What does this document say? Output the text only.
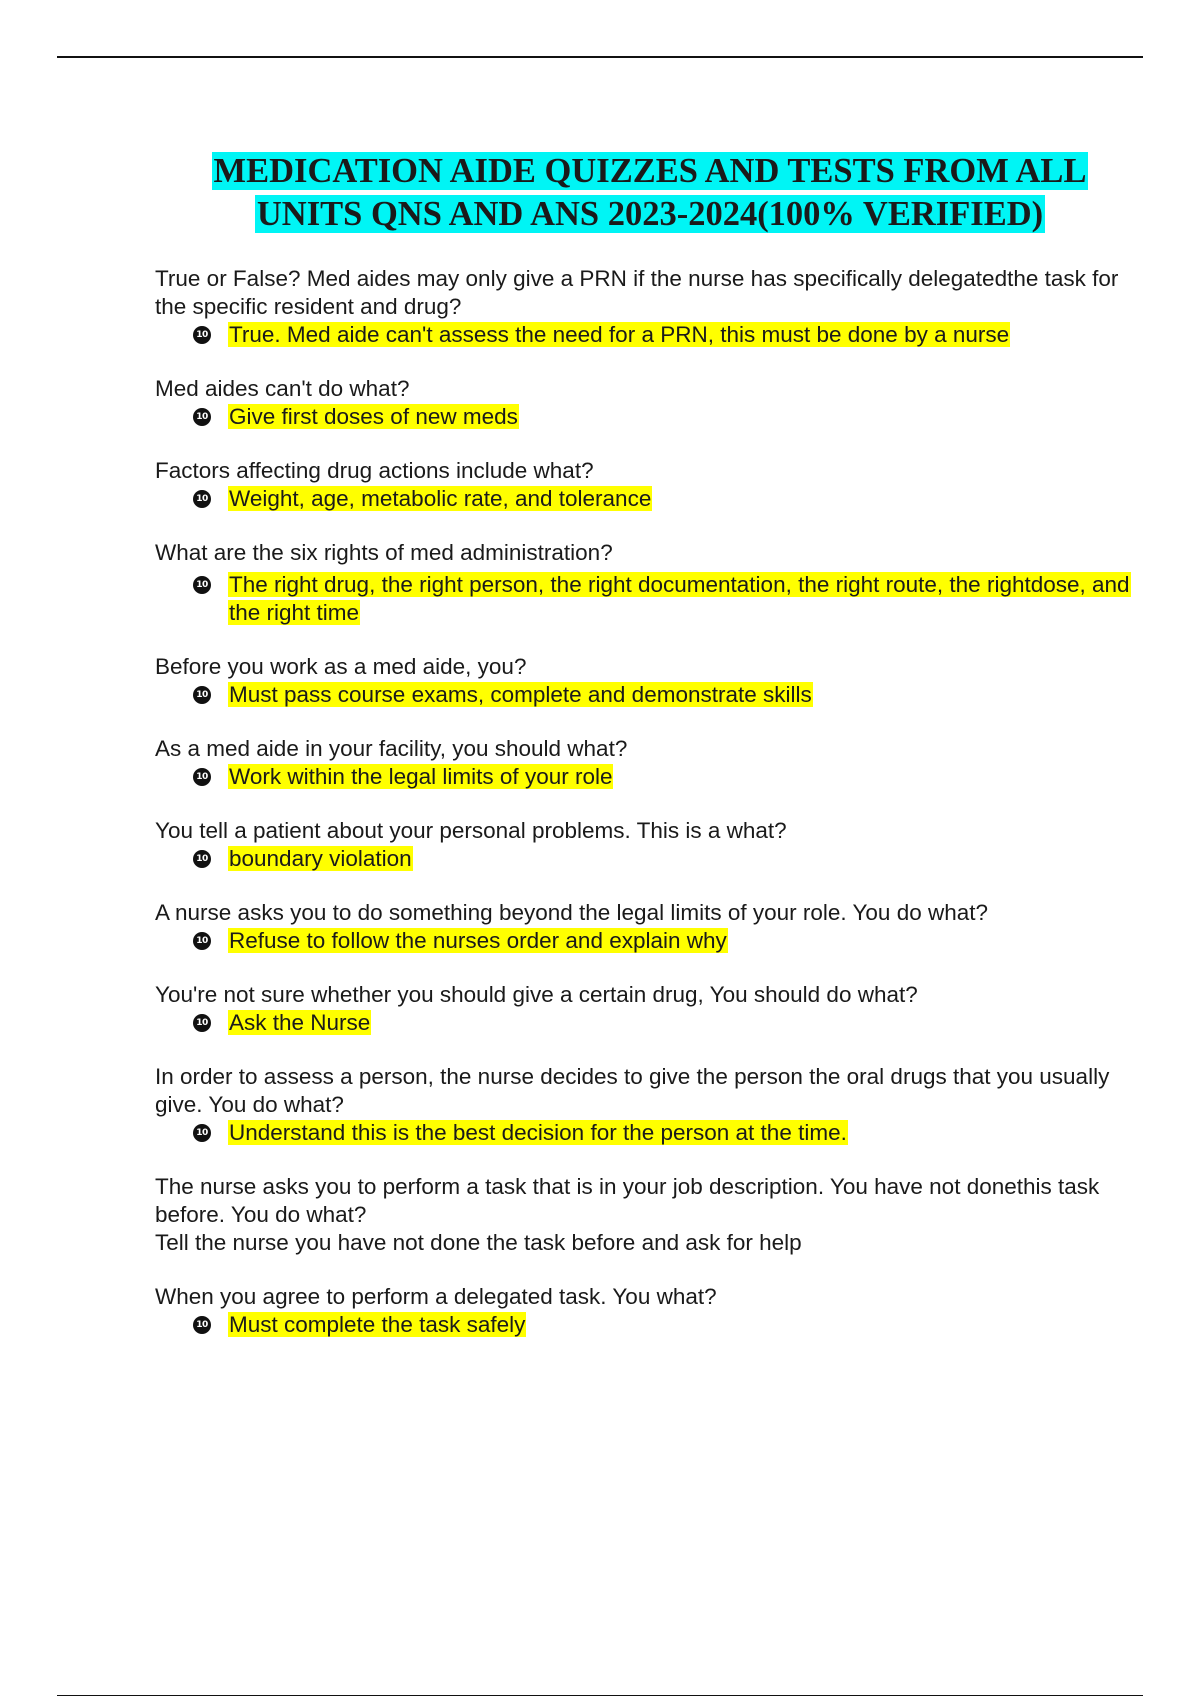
MEDICATION AIDE QUIZZES AND TESTS FROM ALL
UNITS QNS AND ANS 2023-2024(100% VERIFIED)

True or False? Med aides may only give a PRN if the nurse has specifically delegatedthe task for the specific resident and drug?

10 True. Med aide can't assess the need for a PRN, this must be done by a nurse

Med aides can't do what?

10 Give first doses of new meds

Factors affecting drug actions include what?

10 Weight, age, metabolic rate, and tolerance

What are the six rights of med administration?

10 The right drug, the right person, the right documentation, the right route, the rightdose, and the right time

Before you work as a med aide, you?

10 Must pass course exams, complete and demonstrate skills

As a med aide in your facility, you should what?

10 Work within the legal limits of your role

You tell a patient about your personal problems. This is a what?

10 boundary violation

A nurse asks you to do something beyond the legal limits of your role. You do what?

10 Refuse to follow the nurses order and explain why

You're not sure whether you should give a certain drug, You should do what?

10 Ask the Nurse

In order to assess a person, the nurse decides to give the person the oral drugs that you usually give. You do what?

10 Understand this is the best decision for the person at the time.

The nurse asks you to perform a task that is in your job description. You have not donethis task before. You do what?

Tell the nurse you have not done the task before and ask for help

When you agree to perform a delegated task. You what?

10 Must complete the task safely
